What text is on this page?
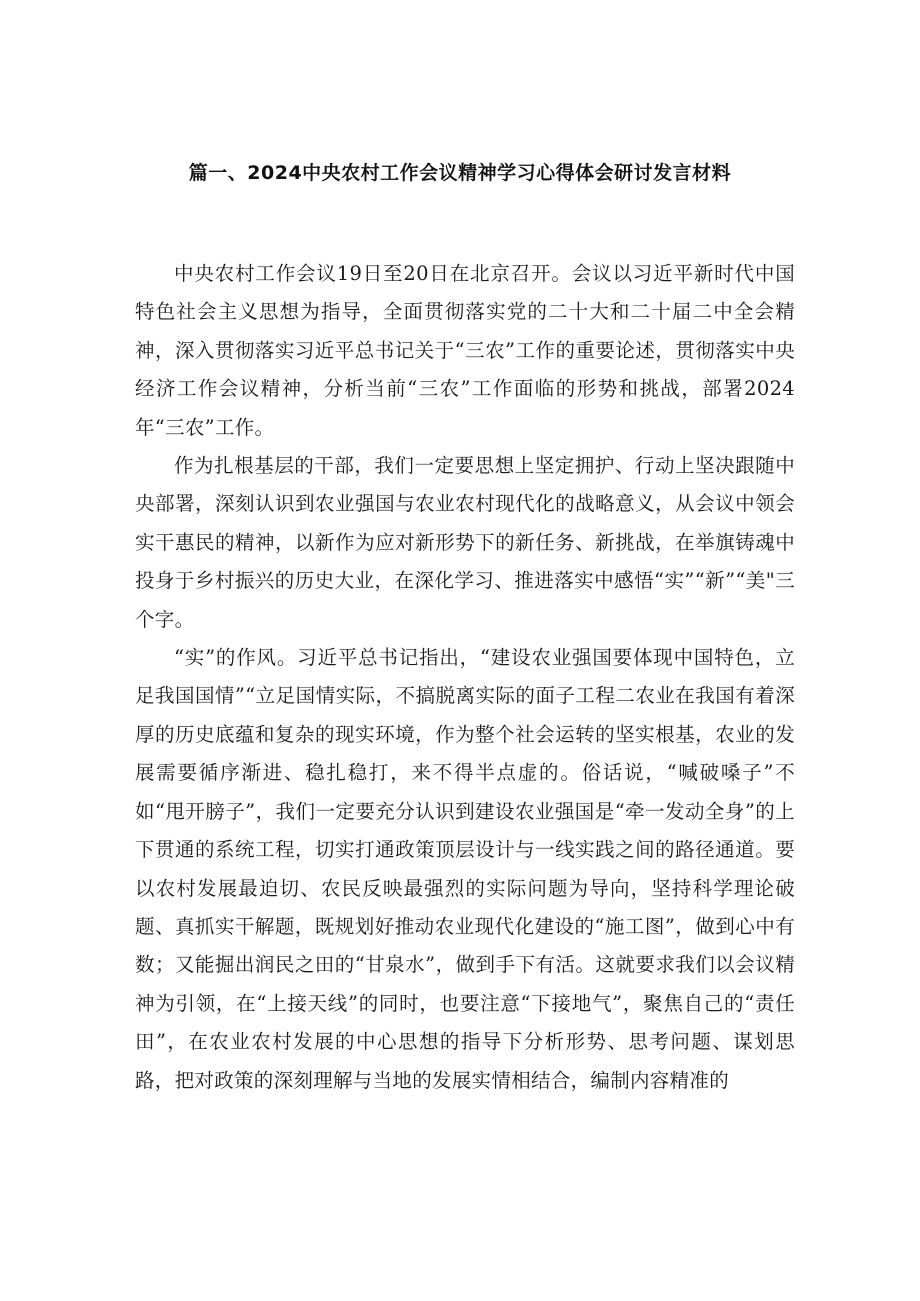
篇一、2024中央农村工作会议精神学习心得体会研讨发言材料

中央农村工作会议19日至20日在北京召开。会议以习近平新时代中国特色社会主义思想为指导，全面贯彻落实党的二十大和二十届二中全会精神，深入贯彻落实习近平总书记关于“三农”工作的重要论述，贯彻落实中央经济工作会议精神，分析当前“三农”工作面临的形势和挑战，部署2024年“三农”工作。

作为扎根基层的干部，我们一定要思想上坚定拥护、行动上坚决跟随中央部署，深刻认识到农业强国与农业农村现代化的战略意义，从会议中领会实干惠民的精神，以新作为应对新形势下的新任务、新挑战，在举旗铸魂中投身于乡村振兴的历史大业，在深化学习、推进落实中感悟“实”“新”“美"三个字。

“实”的作风。习近平总书记指出，“建设农业强国要体现中国特色，立足我国国情”“立足国情实际，不搞脱离实际的面子工程二农业在我国有着深厚的历史底蕴和复杂的现实环境，作为整个社会运转的坚实根基，农业的发展需要循序渐进、稳扎稳打，来不得半点虚的。俗话说，“喊破嗓子”不如“甩开膀子”，我们一定要充分认识到建设农业强国是“牵一发动全身”的上下贯通的系统工程，切实打通政策顶层设计与一线实践之间的路径通道。要以农村发展最迫切、农民反映最强烈的实际问题为导向，坚持科学理论破题、真抓实干解题，既规划好推动农业现代化建设的“施工图”，做到心中有数；又能掘出润民之田的“甘泉水”，做到手下有活。这就要求我们以会议精神为引领，在“上接天线”的同时，也要注意“下接地气”，聚焦自己的“责任田”，在农业农村发展的中心思想的指导下分析形势、思考问题、谋划思路，把对政策的深刻理解与当地的发展实情相结合，编制内容精准的
